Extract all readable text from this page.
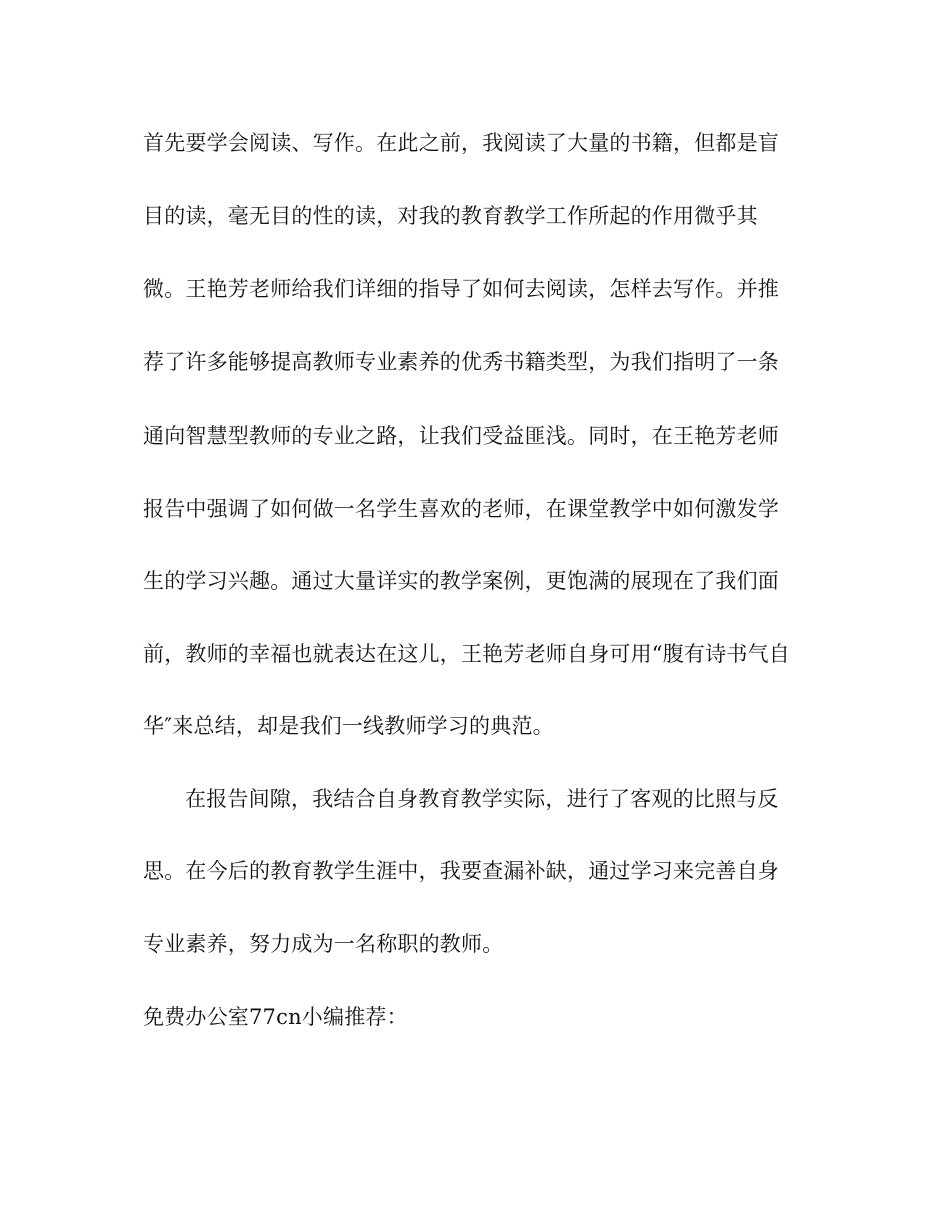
首先要学会阅读、写作。在此之前，我阅读了大量的书籍，但都是盲
目的读，毫无目的性的读，对我的教育教学工作所起的作用微乎其
微。王艳芳老师给我们详细的指导了如何去阅读，怎样去写作。并推
荐了许多能够提高教师专业素养的优秀书籍类型，为我们指明了一条
通向智慧型教师的专业之路，让我们受益匪浅。同时，在王艳芳老师
报告中强调了如何做一名学生喜欢的老师，在课堂教学中如何激发学
生的学习兴趣。通过大量详实的教学案例，更饱满的展现在了我们面
前，教师的幸福也就表达在这儿，王艳芳老师自身可用“腹有诗书气自
华″来总结，却是我们一线教师学习的典范。
在报告间隙，我结合自身教育教学实际，进行了客观的比照与反
思。在今后的教育教学生涯中，我要查漏补缺，通过学习来完善自身
专业素养，努力成为一名称职的教师。
免费办公室77cn小编推荐：
